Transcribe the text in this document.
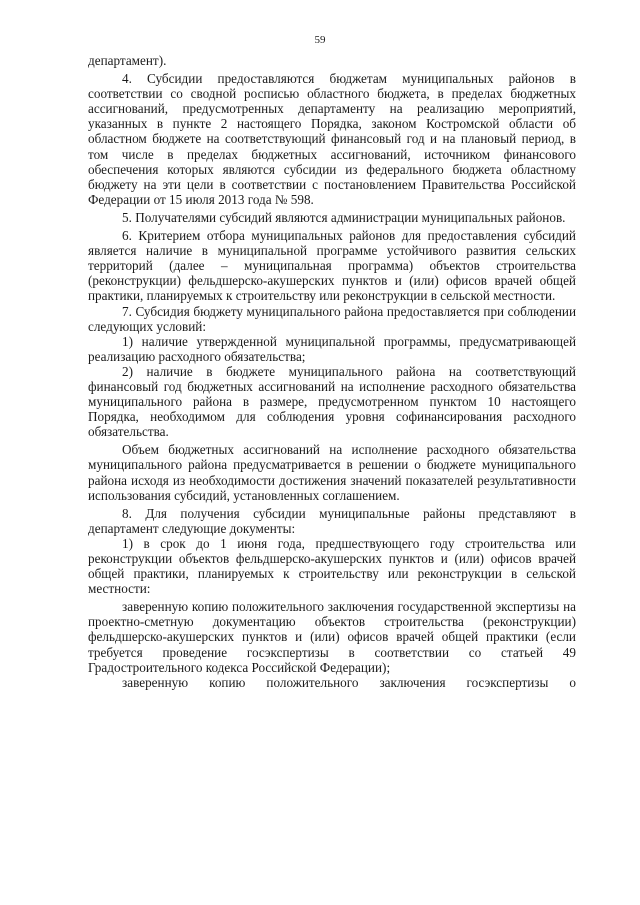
59

департамент).

4. Субсидии предоставляются бюджетам муниципальных районов в соответствии со сводной росписью областного бюджета, в пределах бюджетных ассигнований, предусмотренных департаменту на реализацию мероприятий, указанных в пункте 2 настоящего Порядка, законом Костромской области об областном бюджете на соответствующий финансовый год и на плановый период, в том числе в пределах бюджетных ассигнований, источником финансового обеспечения которых являются субсидии из федерального бюджета областному бюджету на эти цели в соответствии с постановлением Правительства Российской Федерации от 15 июля 2013 года № 598.

5. Получателями субсидий являются администрации муниципальных районов.

6. Критерием отбора муниципальных районов для предоставления субсидий является наличие в муниципальной программе устойчивого развития сельских территорий (далее – муниципальная программа) объектов строительства (реконструкции) фельдшерско-акушерских пунктов и (или) офисов врачей общей практики, планируемых к строительству или реконструкции в сельской местности.

7. Субсидия бюджету муниципального района предоставляется при соблюдении следующих условий:

1) наличие утвержденной муниципальной программы, предусматривающей реализацию расходного обязательства;

2) наличие в бюджете муниципального района на соответствующий финансовый год бюджетных ассигнований на исполнение расходного обязательства муниципального района в размере, предусмотренном пунктом 10 настоящего Порядка, необходимом для соблюдения уровня софинансирования расходного обязательства.

Объем бюджетных ассигнований на исполнение расходного обязательства муниципального района предусматривается в решении о бюджете муниципального района исходя из необходимости достижения значений показателей результативности использования субсидий, установленных соглашением.

8. Для получения субсидии муниципальные районы представляют в департамент следующие документы:

1) в срок до 1 июня года, предшествующего году строительства или реконструкции объектов фельдшерско-акушерских пунктов и (или) офисов врачей общей практики, планируемых к строительству или реконструкции в сельской местности:

заверенную копию положительного заключения государственной экспертизы на проектно-сметную документацию объектов строительства (реконструкции) фельдшерско-акушерских пунктов и (или) офисов врачей общей практики (если требуется проведение госэкспертизы в соответствии со статьей 49 Градостроительного кодекса Российской Федерации);

заверенную копию положительного заключения госэкспертизы о
